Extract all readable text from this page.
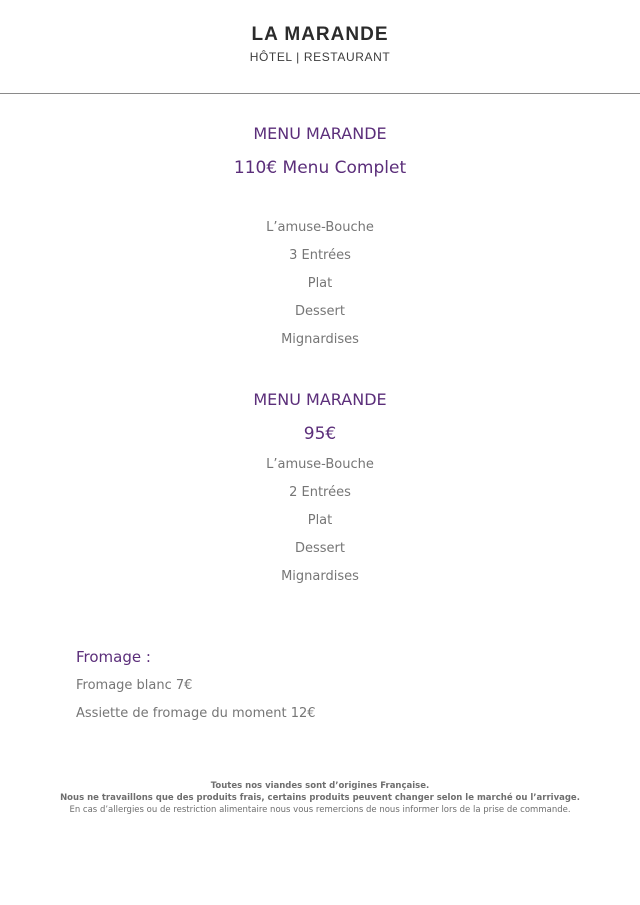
LA MARANDE
HÔTEL | RESTAURANT
MENU MARANDE
110€ Menu Complet
L’amuse-Bouche
3 Entrées
Plat
Dessert
Mignardises
MENU MARANDE
95€
L’amuse-Bouche
2 Entrées
Plat
Dessert
Mignardises
Fromage :
Fromage blanc 7€
Assiette de fromage du moment 12€
Toutes nos viandes sont d’origines Française.
Nous ne travaillons que des produits frais, certains produits peuvent changer selon le marché ou l’arrivage.
En cas d’allergies ou de restriction alimentaire nous vous remercions de nous informer lors de la prise de commande.
